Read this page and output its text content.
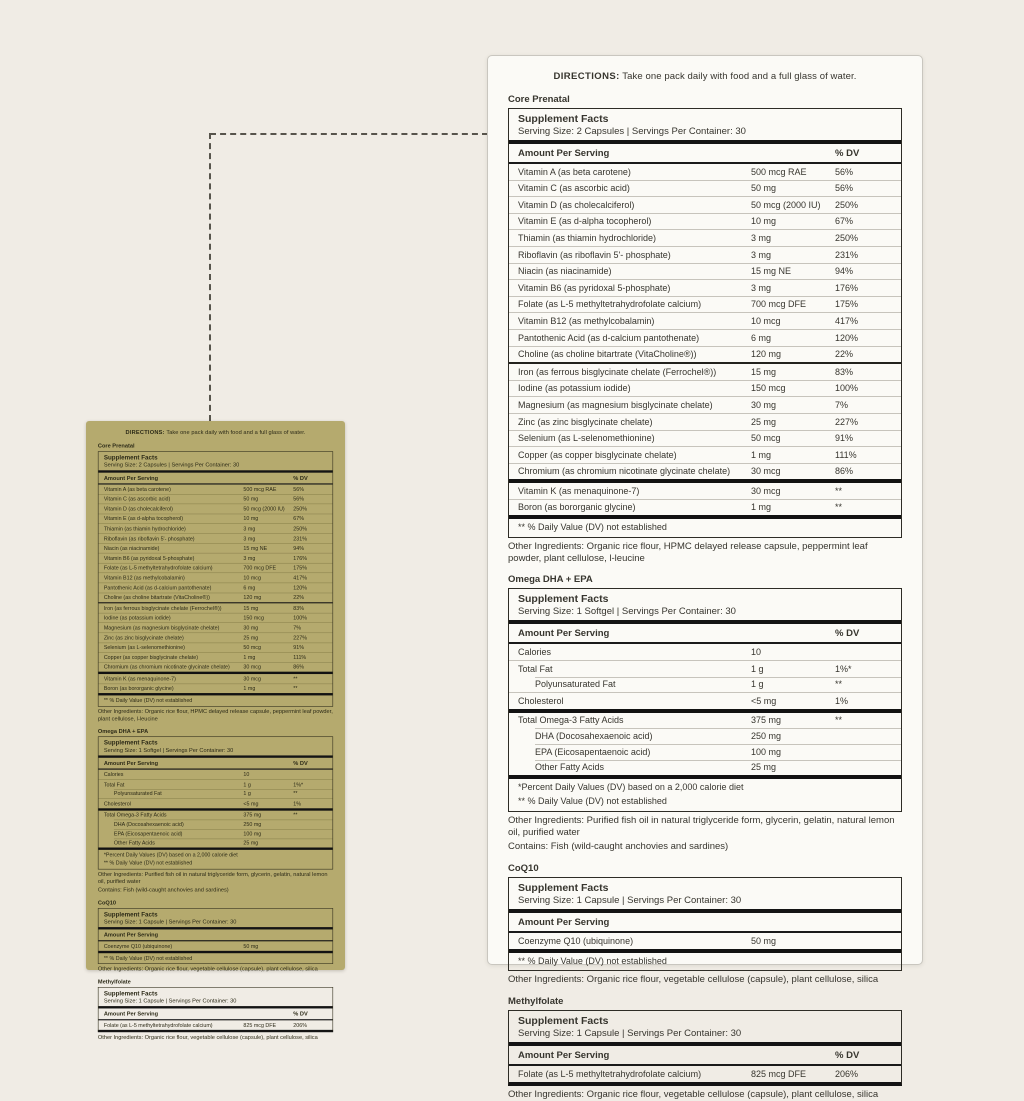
DIRECTIONS: Take one pack daily with food and a full glass of water.
Core Prenatal
Supplement Facts
Serving Size: 2 Capsules | Servings Per Container: 30
Amount Per Serving	% DV
Vitamin A (as beta carotene)	500 mcg RAE	56%
Vitamin C (as ascorbic acid)	50 mg	56%
Vitamin D (as cholecalciferol)	50 mcg (2000 IU) 250%
Vitamin E (as d-alpha tocopherol)	10 mg	67%
Thiamin (as thiamin hydrochloride)	3 mg	250%
Riboflavin (as riboflavin 5'- phosphate)	3 mg	231%
Niacin (as niacinamide)	15 mg NE	94%
Vitamin B6 (as pyridoxal 5-phosphate)	3 mg	176%
Folate (as L-5 methyltetrahydrofolate calcium)	700 mcg DFE	175%
Vitamin B12 (as methylcobalamin)	10 mcg	417%
Pantothenic Acid (as d-calcium pantothenate)	6 mg	120%
Choline (as choline bitartrate (VitaCholine®))	120 mg	22%
Iron (as ferrous bisglycinate chelate (Ferrochel®))	15 mg	83%
Iodine (as potassium iodide)	150 mcg	100%
Magnesium (as magnesium bisglycinate chelate)	30 mg	7%
Zinc (as zinc bisglycinate chelate)	25 mg	227%
Selenium (as L-selenomethionine)	50 mcg	91%
Copper (as copper bisglycinate chelate)	1 mg	111%
Chromium (as chromium nicotinate glycinate chelate)	30 mcg	86%
Vitamin K (as menaquinone-7)	30 mcg	**
Boron (as bororganic glycine)	1 mg	**
** % Daily Value (DV) not established

Other Ingredients: Organic rice flour, HPMC delayed release capsule, peppermint leaf powder, plant cellulose, l-leucine

Omega DHA + EPA
Supplement Facts
Serving Size: 1 Softgel | Servings Per Container: 30
Amount Per Serving	% DV
Calories	10
Total Fat	1 g	1%*
Polyunsaturated Fat	1 g	**
Cholesterol	<5 mg	1%
Total Omega-3 Fatty Acids	375 mg	**
DHA (Docosahexaenoic acid)	250 mg
EPA (Eicosapentaenoic acid)	100 mg
Other Fatty Acids	25 mg
*Percent Daily Values (DV) based on a 2,000 calorie diet
** % Daily Value (DV) not established

Other Ingredients: Purified fish oil in natural triglyceride form, glycerin, gelatin, natural lemon oil, purified water

Contains: Fish (wild-caught anchovies and sardines)

CoQ10
Supplement Facts
Serving Size: 1 Capsule | Servings Per Container: 30
Amount Per Serving
Coenzyme Q10 (ubiquinone)	50 mg
** % Daily Value (DV) not established

Other Ingredients: Organic rice flour, vegetable cellulose (capsule), plant cellulose, silica

Methylfolate
Supplement Facts
Serving Size: 1 Capsule | Servings Per Container: 30
Amount Per Serving	% DV
Folate (as L-5 methyltetrahydrofolate calcium)	825 mcg DFE	206%

Other Ingredients: Organic rice flour, vegetable cellulose (capsule), plant cellulose, silica

DIRECTIONS: Take one pack daily with food and a full glass of water.
Core Prenatal
Supplement Facts
Serving Size: 2 Capsules | Servings Per Container: 30
Amount Per Serving	% DV
Vitamin A (as beta carotene)	500 mcg RAE	56%
Vitamin C (as ascorbic acid)	50 mg	56%
Vitamin D (as cholecalciferol)	50 mcg (2000 IU)	250%
Vitamin E (as d-alpha tocopherol)	10 mg	67%
Thiamin (as thiamin hydrochloride)	3 mg	250%
Riboflavin (as riboflavin 5'- phosphate)	3 mg	231%
Niacin (as niacinamide)	15 mg NE	94%
Vitamin B6 (as pyridoxal 5-phosphate)	3 mg	176%
Folate (as L-5 methyltetrahydrofolate calcium)	700 mcg DFE	175%
Vitamin B12 (as methylcobalamin)	10 mcg	417%
Pantothenic Acid (as d-calcium pantothenate)	6 mg	120%
Choline (as choline bitartrate (VitaCholine®))	120 mg	22%
Iron (as ferrous bisglycinate chelate (Ferrochel®))	15 mg	83%
Iodine (as potassium iodide)	150 mcg	100%
Magnesium (as magnesium bisglycinate chelate)	30 mg	7%
Zinc (as zinc bisglycinate chelate)	25 mg	227%
Selenium (as L-selenomethionine)	50 mcg	91%
Copper (as copper bisglycinate chelate)	1 mg	111%
Chromium (as chromium nicotinate glycinate chelate)	30 mcg	86%
Vitamin K (as menaquinone-7)	30 mcg	**
Boron (as bororganic glycine)	1 mg	**
** % Daily Value (DV) not established

Other Ingredients: Organic rice flour, HPMC delayed release capsule, peppermint leaf powder, plant cellulose, l-leucine

Omega DHA + EPA
Supplement Facts
Serving Size: 1 Softgel | Servings Per Container: 30
Amount Per Serving	% DV
Calories	10
Total Fat	1 g	1%*
Polyunsaturated Fat	1 g	**
Cholesterol	<5 mg	1%
Total Omega-3 Fatty Acids	375 mg	**
DHA (Docosahexaenoic acid)	250 mg
EPA (Eicosapentaenoic acid)	100 mg
Other Fatty Acids	25 mg
*Percent Daily Values (DV) based on a 2,000 calorie diet
** % Daily Value (DV) not established

Other Ingredients: Purified fish oil in natural triglyceride form, glycerin, gelatin, natural lemon oil, purified water

Contains: Fish (wild-caught anchovies and sardines)

CoQ10
Supplement Facts
Serving Size: 1 Capsule | Servings Per Container: 30
Amount Per Serving
Coenzyme Q10 (ubiquinone)	50 mg
** % Daily Value (DV) not established

Other Ingredients: Organic rice flour, vegetable cellulose (capsule), plant cellulose, silica

Methylfolate
Supplement Facts
Serving Size: 1 Capsule | Servings Per Container: 30
Amount Per Serving	% DV
Folate (as L-5 methyltetrahydrofolate calcium)	825 mcg DFE	206%

Other Ingredients: Organic rice flour, vegetable cellulose (capsule), plant cellulose, silica
